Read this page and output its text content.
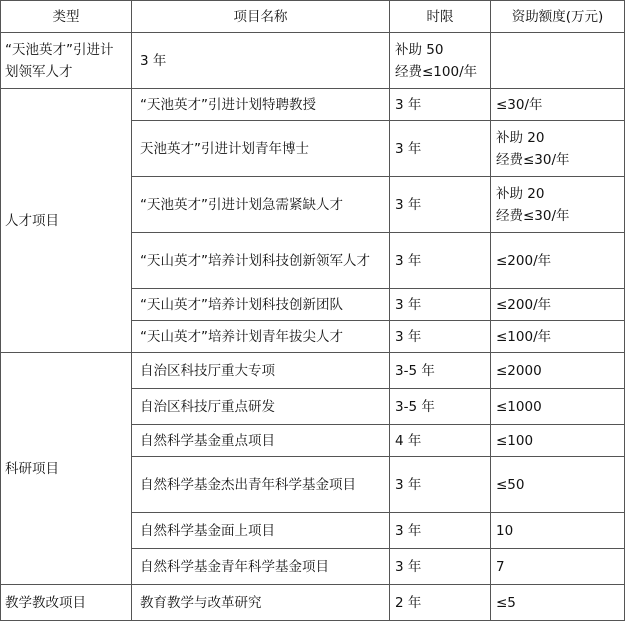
类型	项目名称	时限	资助额度(万元)
“天池英才”引进计划领军人才	3 年	补助 50
经费≤100/年	

人才项目	“天池英才”引进计划特聘教授	3 年	≤30/年
	天池英才”引进计划青年博士	3 年	补助 20
经费≤30/年

	“天池英才”引进计划急需紧缺人才	3 年	补助 20
经费≤30/年

	“天山英才”培养计划科技创新领军人才	3 年	≤200/年
	“天山英才”培养计划科技创新团队	3 年	≤200/年
	“天山英才”培养计划青年拔尖人才	3 年	≤100/年
科研项目	自治区科技厅重大专项	3-5 年	≤2000
	自治区科技厅重点研发	3-5 年	≤1000
	自然科学基金重点项目	4 年	≤100
	自然科学基金杰出青年科学基金项目	3 年	≤50
	自然科学基金面上项目	3 年	10
	自然科学基金青年科学基金项目	3 年	7
教学教改项目	教育教学与改革研究	2 年	≤5
